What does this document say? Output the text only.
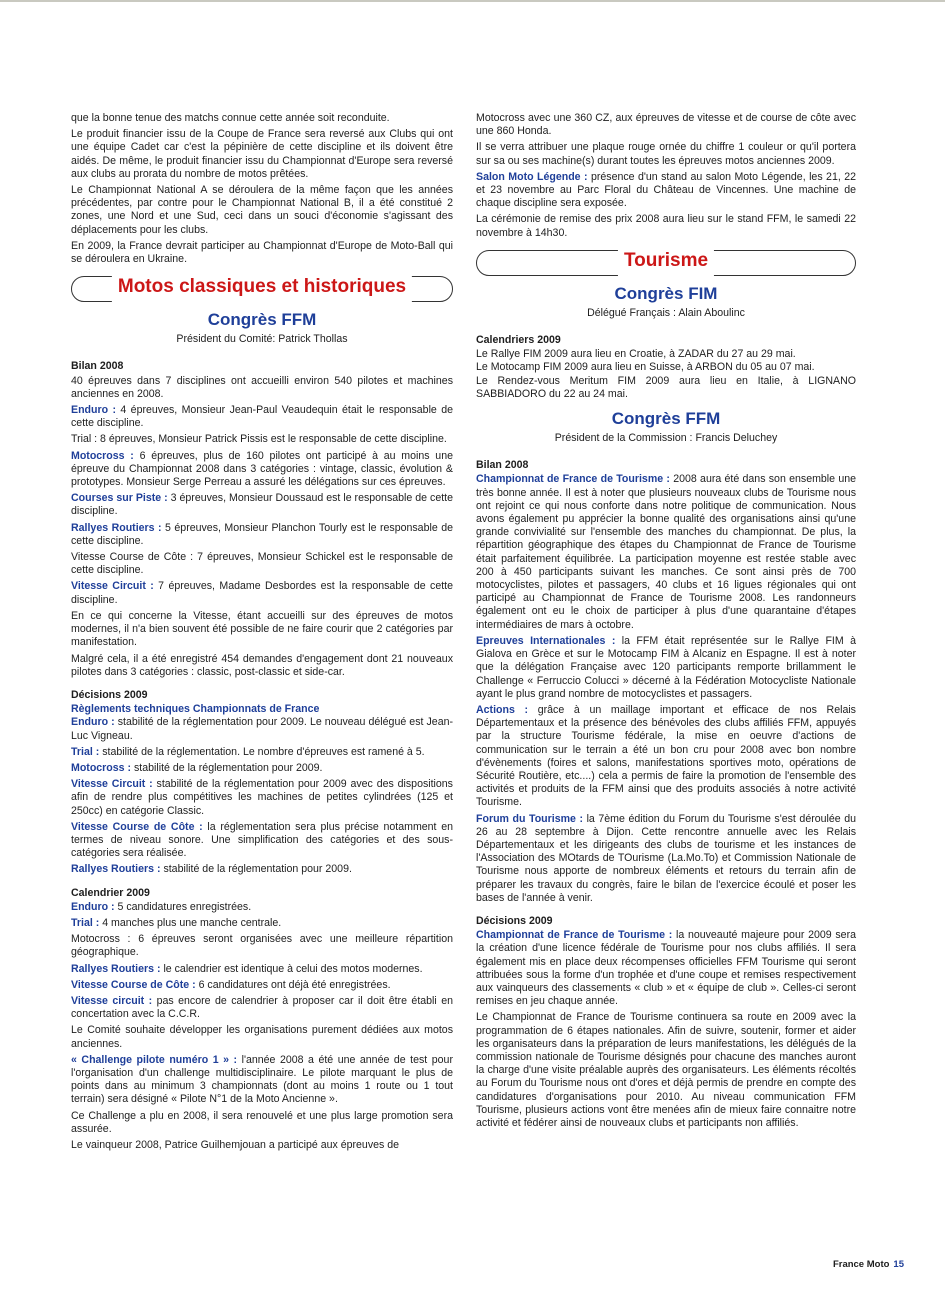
que la bonne tenue des matchs connue cette année soit reconduite.

Le produit financier issu de la Coupe de France sera reversé aux Clubs qui ont une équipe Cadet car c'est la pépinière de cette discipline et ils doivent être aidés. De même, le produit financier issu du Championnat d'Europe sera reversé aux clubs au prorata du nombre de motos prêtées.

Le Championnat National A se déroulera de la même façon que les années précédentes, par contre pour le Championnat National B, il a été constitué 2 zones, une Nord et une Sud, ceci dans un souci d'économie s'agissant des déplacements pour les clubs.

En 2009, la France devrait participer au Championnat d'Europe de Moto-Ball qui se déroulera en Ukraine.

Motos classiques et historiques
Congrès FFM
Président du Comité: Patrick Thollas
Bilan 2008

40 épreuves dans 7 disciplines ont accueilli environ 540 pilotes et machines anciennes en 2008.

Enduro : 4 épreuves, Monsieur Jean-Paul Veaudequin était le responsable de cette discipline.

Trial : 8 épreuves, Monsieur Patrick Pissis est le responsable de cette discipline.

Motocross : 6 épreuves, plus de 160 pilotes ont participé à au moins une épreuve du Championnat 2008 dans 3 catégories : vintage, classic, évolution & prototypes. Monsieur Serge Perreau a assuré les délégations sur ces épreuves.

Courses sur Piste : 3 épreuves, Monsieur Doussaud est le responsable de cette discipline.

Rallyes Routiers : 5 épreuves, Monsieur Planchon Tourly est le responsable de cette discipline.

Vitesse Course de Côte : 7 épreuves, Monsieur Schickel est le responsable de cette discipline.

Vitesse Circuit : 7 épreuves, Madame Desbordes est la responsable de cette discipline.

En ce qui concerne la Vitesse, étant accueilli sur des épreuves de motos modernes, il n'a bien souvent été possible de ne faire courir que 2 catégories par manifestation.

Malgré cela, il a été enregistré 454 demandes d'engagement dont 21 nouveaux pilotes dans 3 catégories : classic, post-classic et side-car.

Décisions 2009

Règlements techniques Championnats de France

Enduro : stabilité de la réglementation pour 2009. Le nouveau délégué est Jean-Luc Vigneau.

Trial : stabilité de la réglementation. Le nombre d'épreuves est ramené à 5.

Motocross : stabilité de la réglementation pour 2009.

Vitesse Circuit : stabilité de la réglementation pour 2009 avec des dispositions afin de rendre plus compétitives les machines de petites cylindrées (125 et 250cc) en catégorie Classic.

Vitesse Course de Côte : la réglementation sera plus précise notamment en termes de niveau sonore. Une simplification des catégories et des sous-catégories sera réalisée.

Rallyes Routiers : stabilité de la réglementation pour 2009.

Calendrier 2009

Enduro : 5 candidatures enregistrées.

Trial : 4 manches plus une manche centrale.

Motocross : 6 épreuves seront organisées avec une meilleure répartition géographique.

Rallyes Routiers : le calendrier est identique à celui des motos modernes.

Vitesse Course de Côte : 6 candidatures ont déjà été enregistrées.

Vitesse circuit : pas encore de calendrier à proposer car il doit être établi en concertation avec la C.C.R.

Le Comité souhaite développer les organisations purement dédiées aux motos anciennes.

« Challenge pilote numéro 1 » : l'année 2008 a été une année de test pour l'organisation d'un challenge multidisciplinaire. Le pilote marquant le plus de points dans au minimum 3 championnats (dont au moins 1 route ou 1 tout terrain) sera désigné « Pilote N°1 de la Moto Ancienne ».

Ce Challenge a plu en 2008, il sera renouvelé et une plus large promotion sera assurée.

Le vainqueur 2008, Patrice Guilhemjouan a participé aux épreuves de

Motocross avec une 360 CZ, aux épreuves de vitesse et de course de côte avec une 860 Honda.

Il se verra attribuer une plaque rouge ornée du chiffre 1 couleur or qu'il portera sur sa ou ses machine(s) durant toutes les épreuves motos anciennes 2009.

Salon Moto Légende : présence d'un stand au salon Moto Légende, les 21, 22 et 23 novembre au Parc Floral du Château de Vincennes. Une machine de chaque discipline sera exposée.

La cérémonie de remise des prix 2008 aura lieu sur le stand FFM, le samedi 22 novembre à 14h30.

Tourisme
Congrès FIM
Délégué Français : Alain Aboulinc
Calendriers 2009

Le Rallye FIM 2009 aura lieu en Croatie, à ZADAR du 27 au 29 mai.

Le Motocamp FIM 2009 aura lieu en Suisse, à ARBON du 05 au 07 mai.

Le Rendez-vous Meritum FIM 2009 aura lieu en Italie, à LIGNANO SABBIADORO du 22 au 24 mai.

Congrès FFM
Président de la Commission : Francis Deluchey
Bilan 2008

Championnat de France de Tourisme : 2008 aura été dans son ensemble une très bonne année. Il est à noter que plusieurs nouveaux clubs de Tourisme nous ont rejoint ce qui nous conforte dans notre politique de communication. Nous avons également pu apprécier la bonne qualité des organisations ainsi qu'une grande convivialité sur l'ensemble des manches du championnat. De plus, la répartition géographique des étapes du Championnat de France de Tourisme était parfaitement équilibrée. La participation moyenne est restée stable avec 200 à 450 participants suivant les manches. Ce sont ainsi près de 700 motocyclistes, pilotes et passagers, 40 clubs et 16 ligues régionales qui ont participé au Championnat de France de Tourisme 2008. Les randonneurs également ont eu le choix de participer à plus d'une quarantaine d'étapes intermédiaires de mars à octobre.

Epreuves Internationales : la FFM était représentée sur le Rallye FIM à Gialova en Grèce et sur le Motocamp FIM à Alcaniz en Espagne. Il est à noter que la délégation Française avec 120 participants remporte brillamment le Challenge « Ferruccio Colucci » décerné à la Fédération Motocycliste Nationale ayant le plus grand nombre de motocyclistes et passagers.

Actions : grâce à un maillage important et efficace de nos Relais Départementaux et la présence des bénévoles des clubs affiliés FFM, appuyés par la structure Tourisme fédérale, la mise en oeuvre d'actions de communication sur le terrain a été un bon cru pour 2008 avec bon nombre d'évènements (foires et salons, manifestations sportives moto, opérations de Sécurité Routière, etc....) cela a permis de faire la promotion de l'ensemble des activités et produits de la FFM ainsi que des produits associés à notre activité Tourisme.

Forum du Tourisme : la 7ème édition du Forum du Tourisme s'est déroulée du 26 au 28 septembre à Dijon. Cette rencontre annuelle avec les Relais Départementaux et les dirigeants des clubs de tourisme et les instances de l'Association des MOtards de TOurisme (La.Mo.To) et Commission Nationale de Tourisme nous apporte de nombreux éléments et retours du terrain afin de préparer les travaux du congrès, faire le bilan de l'exercice écoulé et poser les bases de l'année à venir.

Décisions 2009

Championnat de France de Tourisme : la nouveauté majeure pour 2009 sera la création d'une licence fédérale de Tourisme pour nos clubs affiliés. Il sera également mis en place deux récompenses officielles FFM Tourisme qui seront attribuées sous la forme d'un trophée et d'une coupe et remises respectivement aux vainqueurs des classements « club » et « équipe de club ». Celles-ci seront remises en jeu chaque année.

Le Championnat de France de Tourisme continuera sa route en 2009 avec la programmation de 6 étapes nationales. Afin de suivre, soutenir, former et aider les organisateurs dans la préparation de leurs manifestations, les délégués de la commission nationale de Tourisme désignés pour chacune des manches auront la charge d'une visite préalable auprès des organisateurs. Les éléments récoltés au Forum du Tourisme nous ont d'ores et déjà permis de prendre en compte des candidatures d'organisations pour 2010. Au niveau communication FFM Tourisme, plusieurs actions vont être menées afin de mieux faire connaitre notre activité et fédérer ainsi de nouveaux clubs et participants non affiliés.

France Moto 15
